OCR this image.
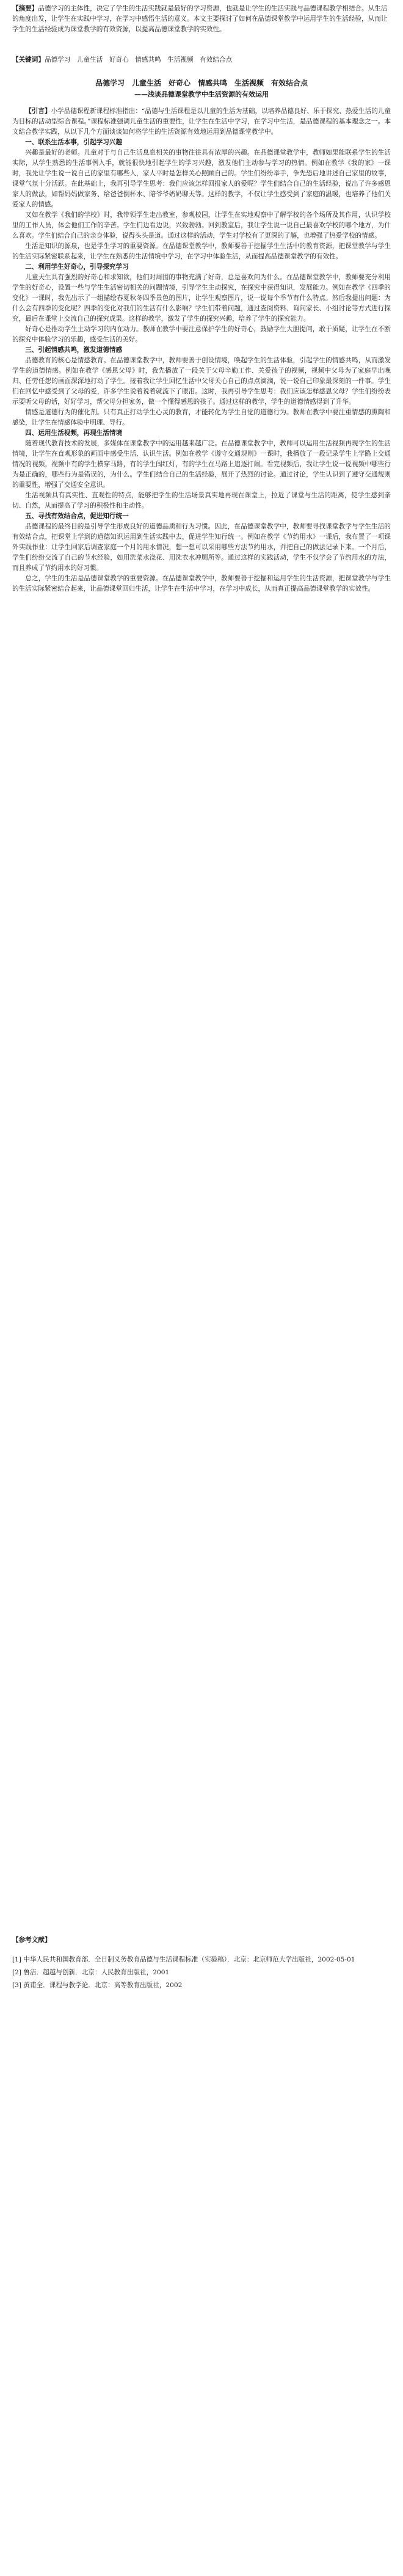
【摘要】品德学习的主体性，决定了学生的生活实践就是最好的学习资源，也就是让学生的生活实践与品德课程教学相结合。从生活的角度出发，让学生在实践中学习，在学习中感悟生活的意义。本文主要探讨了如何在品德课堂教学中运用学生的生活经验，从而让学生的生活经验成为课堂教学的有效资源，以提高品德课堂教学的实效性。
【关键词】品德学习　儿童生活　好奇心　情感共鸣　生活视频　有效结合点
品德学习　儿童生活　好奇心　情感共鸣　生活视频　有效结合点
——浅谈品德课堂教学中生活资源的有效运用

【引言】小学品德课程新课程标准指出：“品德与生活课程是以儿童的生活为基础，以培养品德良好、乐于探究、热爱生活的儿童为目标的活动型综合课程。”课程标准强调儿童生活的重要性，让学生在生活中学习，在学习中生活，是品德课程的基本理念之一。本文结合教学实践，从以下几个方面谈谈如何将学生的生活资源有效地运用到品德课堂教学中。

一、联系生活本事，引起学习兴趣

兴趣是最好的老师。儿童对于与自己生活息息相关的事物往往具有浓厚的兴趣。在品德课堂教学中，教师如果能联系学生的生活实际，从学生熟悉的生活事例入手，就能很快地引起学生的学习兴趣，激发他们主动参与学习的热情。例如在教学《我的家》一课时，我先让学生说一说自己的家里有哪些人，家人平时是怎样关心照顾自己的。学生们纷纷举手，争先恐后地讲述自己家里的故事，课堂气氛十分活跃。在此基础上，我再引导学生思考：我们应该怎样回报家人的爱呢？学生们结合自己的生活经验，说出了许多感恩家人的做法，如帮妈妈做家务、给爸爸倒杯水、陪爷爷奶奶聊天等。这样的教学，不仅让学生感受到了家庭的温暖，也培养了他们关爱家人的情感。

又如在教学《我们的学校》时，我带领学生走出教室，参观校园，让学生在实地观察中了解学校的各个场所及其作用，认识学校里的工作人员，体会他们工作的辛苦。学生们边看边说，兴致勃勃。回到教室后，我让学生说一说自己最喜欢学校的哪个地方，为什么喜欢。学生们结合自己的亲身体验，说得头头是道。通过这样的活动，学生对学校有了更深的了解，也增强了热爱学校的情感。

生活是知识的源泉，也是学生学习的重要资源。在品德课堂教学中，教师要善于挖掘学生生活中的教育资源，把课堂教学与学生的生活实际紧密联系起来，让学生在熟悉的生活情境中学习，在学习中体验生活，从而提高品德课堂教学的有效性。

二、利用学生好奇心，引导探究学习

儿童天生具有强烈的好奇心和求知欲，他们对周围的事物充满了好奇，总是喜欢问为什么。在品德课堂教学中，教师要充分利用学生的好奇心，设置一些与学生生活密切相关的问题情境，引导学生主动探究，在探究中获得知识，发展能力。例如在教学《四季的变化》一课时，我先出示了一组描绘春夏秋冬四季景色的图片，让学生观察图片，说一说每个季节有什么特点。然后我提出问题：为什么会有四季的变化呢？四季的变化对我们的生活有什么影响？学生们带着问题，通过查阅资料、询问家长、小组讨论等方式进行探究，最后在课堂上交流自己的探究成果。这样的教学，激发了学生的探究兴趣，培养了学生的探究能力。

好奇心是推动学生主动学习的内在动力。教师在教学中要注意保护学生的好奇心，鼓励学生大胆提问，敢于质疑，让学生在不断的探究中体验学习的乐趣，感受生活的美好。

三、引起情感共鸣，激发道德情感

品德教育的核心是情感教育。在品德课堂教学中，教师要善于创设情境，唤起学生的生活体验，引起学生的情感共鸣，从而激发学生的道德情感。例如在教学《感恩父母》时，我先播放了一段关于父母辛勤工作、关爱孩子的视频，视频中父母为了家庭早出晚归、任劳任怨的画面深深地打动了学生。接着我让学生回忆生活中父母关心自己的点点滴滴，说一说自己印象最深刻的一件事。学生们在回忆中感受到了父母的爱，许多学生说着说着就流下了眼泪。这时，我再引导学生思考：我们应该怎样感恩父母？学生们纷纷表示要听父母的话，好好学习，帮父母分担家务，做一个懂得感恩的孩子。通过这样的教学，学生的道德情感得到了升华。

情感是道德行为的催化剂。只有真正打动学生心灵的教育，才能转化为学生自觉的道德行为。教师在教学中要注重情感的熏陶和感染，让学生在情感体验中明理、导行。

四、运用生活视频，再现生活情境

随着现代教育技术的发展，多媒体在课堂教学中的运用越来越广泛。在品德课堂教学中，教师可以运用生活视频再现学生的生活情境，让学生在直观形象的画面中感受生活、认识生活。例如在教学《遵守交通规则》一课时，我播放了一段记录学生上学路上交通情况的视频，视频中有的学生横穿马路，有的学生闯红灯，有的学生在马路上追逐打闹。看完视频后，我让学生说一说视频中哪些行为是正确的，哪些行为是错误的，为什么。学生们结合自己的生活经验，展开了热烈的讨论。通过讨论，学生认识到了遵守交通规则的重要性，增强了交通安全意识。

生活视频具有真实性、直观性的特点，能够把学生的生活场景真实地再现在课堂上，拉近了课堂与生活的距离，使学生感到亲切、自然，从而提高了学习的积极性和主动性。

五、寻找有效结合点，促进知行统一

品德课程的最终目的是引导学生形成良好的道德品质和行为习惯。因此，在品德课堂教学中，教师要寻找课堂教学与学生生活的有效结合点，把课堂上学到的道德知识运用到生活实践中去，促进学生知行统一。例如在教学《节约用水》一课后，我布置了一项课外实践作业：让学生回家后调查家庭一个月的用水情况，想一想可以采用哪些方法节约用水，并把自己的做法记录下来。一个月后，学生们纷纷交流了自己的节水经验，如用洗菜水浇花、用洗衣水冲厕所等。通过这样的实践活动，学生不仅学会了节约用水的方法，而且养成了节约用水的好习惯。

总之，学生的生活是品德课堂教学的重要资源。在品德课堂教学中，教师要善于挖掘和运用学生的生活资源，把课堂教学与学生的生活实际紧密结合起来，让品德课堂回归生活，让学生在生活中学习，在学习中成长，从而真正提高品德课堂教学的实效性。

【参考文献】

[1] 中华人民共和国教育部．全日制义务教育品德与生活课程标准（实验稿）．北京：北京师范大学出版社，2002-05-01

[2] 鲁洁．超越与创新．北京：人民教育出版社，2001

[3] 黄甫全．课程与教学论．北京：高等教育出版社，2002
